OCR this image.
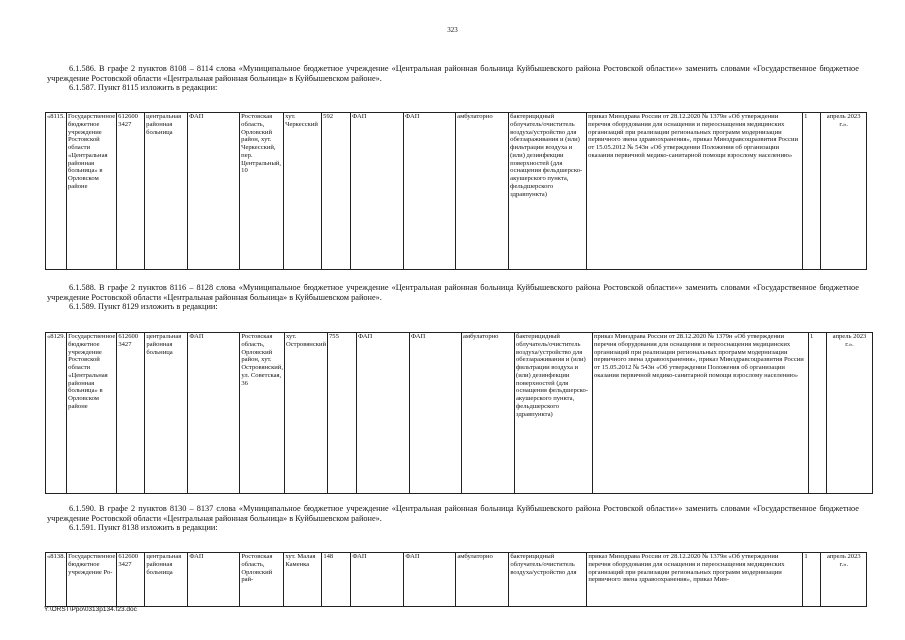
323

6.1.586. В графе 2 пунктов 8108 – 8114 слова «Муниципальное бюджетное учреждение «Центральная районная больница Куйбышевского района Ростовской области»» заменить словами «Государственное бюджетное учреждение Ростовской области «Центральная районная больница» в Куйбышевском районе».

6.1.587. Пункт 8115 изложить в редакции:

«8115.	Государственное бюджетное учреждение Ростовской области «Центральная районная больница» в Орловском районе	612600 3427	центральная районная больница	ФАП	Ростовская область, Орловский район, хут. Черкесский, пер. Центральный, 10	хут. Черкесский	592	ФАП	ФАП	амбулаторно	бактерицидный облучатель/очиститель воздуха/устройство для обеззараживания и (или) фильтрации воздуха и (или) дезинфекции поверхностей (для оснащения фельдшерско-акушерского пункта, фельдшерского здравпункта)	приказ Минздрава России от 28.12.2020 № 1379н «Об утверждении перечня оборудования для оснащения и переоснащения медицинских организаций при реализации региональных программ модернизации первичного звена здравоохранения», приказ Минздравсоцразвития России от 15.05.2012 № 543н «Об утверждении Положения об организации оказания первичной медико-санитарной помощи взрослому населению»	1	апрель 2023 г.».

6.1.588. В графе 2 пунктов 8116 – 8128 слова «Муниципальное бюджетное учреждение «Центральная районная больница Куйбышевского района Ростовской области»» заменить словами «Государственное бюджетное учреждение Ростовской области «Центральная районная больница» в Куйбышевском районе».

6.1.589. Пункт 8129 изложить в редакции:

«8129.	Государственное бюджетное учреждение Ростовской области «Центральная районная больница» в Орловском районе	612600 3427	центральная районная больница	ФАП	Ростовская область, Орловский район, хут. Островянский, ул. Советская, 36	хут. Островянский	755	ФАП	ФАП	амбулаторно	бактерицидный облучатель/очиститель воздуха/устройство для обеззараживания и (или) фильтрации воздуха и (или) дезинфекции поверхностей (для оснащения фельдшерско-акушерского пункта, фельдшерского здравпункта)	приказ Минздрава России от 28.12.2020 № 1379н «Об утверждении перечня оборудования для оснащения и переоснащения медицинских организаций при реализации региональных программ модернизации первичного звена здравоохранения», приказ Минздравсоцразвития России от 15.05.2012 № 543н «Об утверждении Положения об организации оказания первичной медико-санитарной помощи взрослому населению»	1	апрель 2023 г.».

6.1.590. В графе 2 пунктов 8130 – 8137 слова «Муниципальное бюджетное учреждение «Центральная районная больница Куйбышевского района Ростовской области»» заменить словами «Государственное бюджетное учреждение Ростовской области «Центральная районная больница» в Куйбышевском районе».

6.1.591. Пункт 8138 изложить в редакции:

«8138.	Государственное бюджетное учреждение Ро-	612600 3427	центральная районная больница	ФАП	Ростовская область, Орловский рай-	хут. Малая Каменка	148	ФАП	ФАП	амбулаторно	бактерицидный облучатель/очиститель воздуха/устройство для	приказ Минздрава России от 28.12.2020 № 1379н «Об утверждении перечня оборудования для оснащения и переоснащения медицинских организаций при реализации региональных программ модернизации первичного звена здравоохранения», приказ Мин-	1	апрель 2023 г.».
Y:\ORST\Ppo\0313p134.f23.doc
